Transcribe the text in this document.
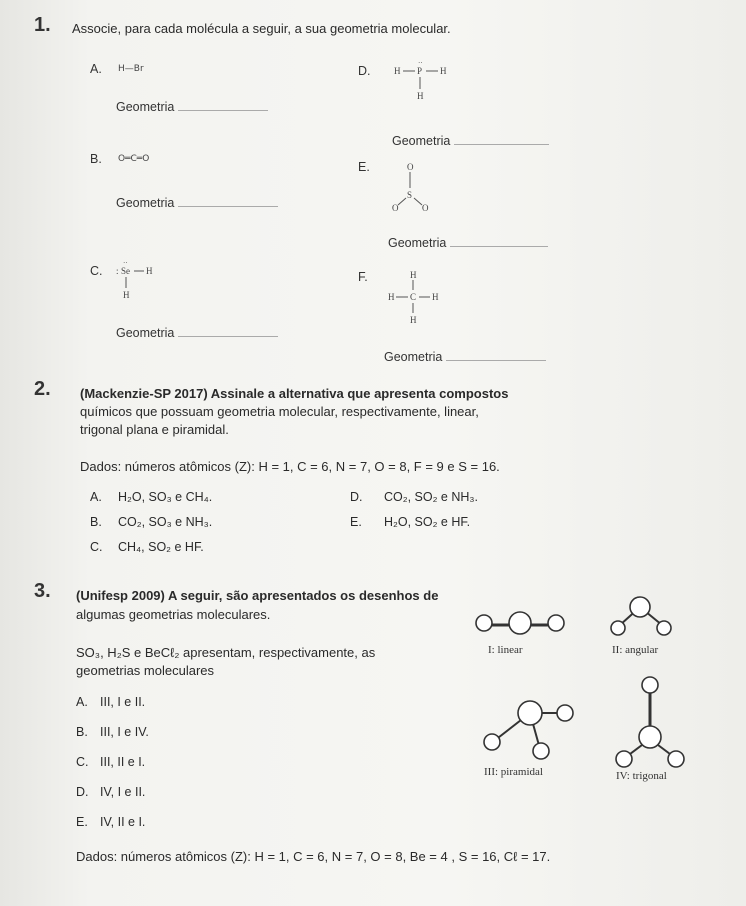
1. Associe, para cada molécula a seguir, a sua geometria molecular.
A. H—Br
Geometria
D.	H P
··
H
H
Geometria
B. O═C═O
Geometria
E.	O
S
O	O
Geometria
C. : Se
··
H
H
Geometria
F.	H
H C H
H
Geometria
2. (Mackenzie-SP 2017) Assinale a alternativa que apresenta compostos
químicos que possuam geometria molecular, respectivamente, linear,
trigonal plana e piramidal.
Dados: números atômicos (Z): H = 1, C = 6, N = 7, O = 8, F = 9 e S = 16.
A. H₂O, SO₃ e CH₄.
B. CO₂, SO₃ e NH₃.
C. CH₄, SO₂ e HF.
D. CO₂, SO₂ e NH₃.
E. H₂O, SO₂ e HF.
3. (Unifesp 2009) A seguir, são apresentados os desenhos de
algumas geometrias moleculares.
SO₃, H₂S e BeCℓ₂ apresentam, respectivamente, as
geometrias moleculares
A. III, I e II.
B. III, I e IV.
C. III, II e I.
D. IV, I e II.
E. IV, II e I.
I: linear	II: angular
III: piramidal	IV: trigonal
Dados: números atômicos (Z): H = 1, C = 6, N = 7, O = 8, Be = 4 , S = 16, Cℓ = 17.
